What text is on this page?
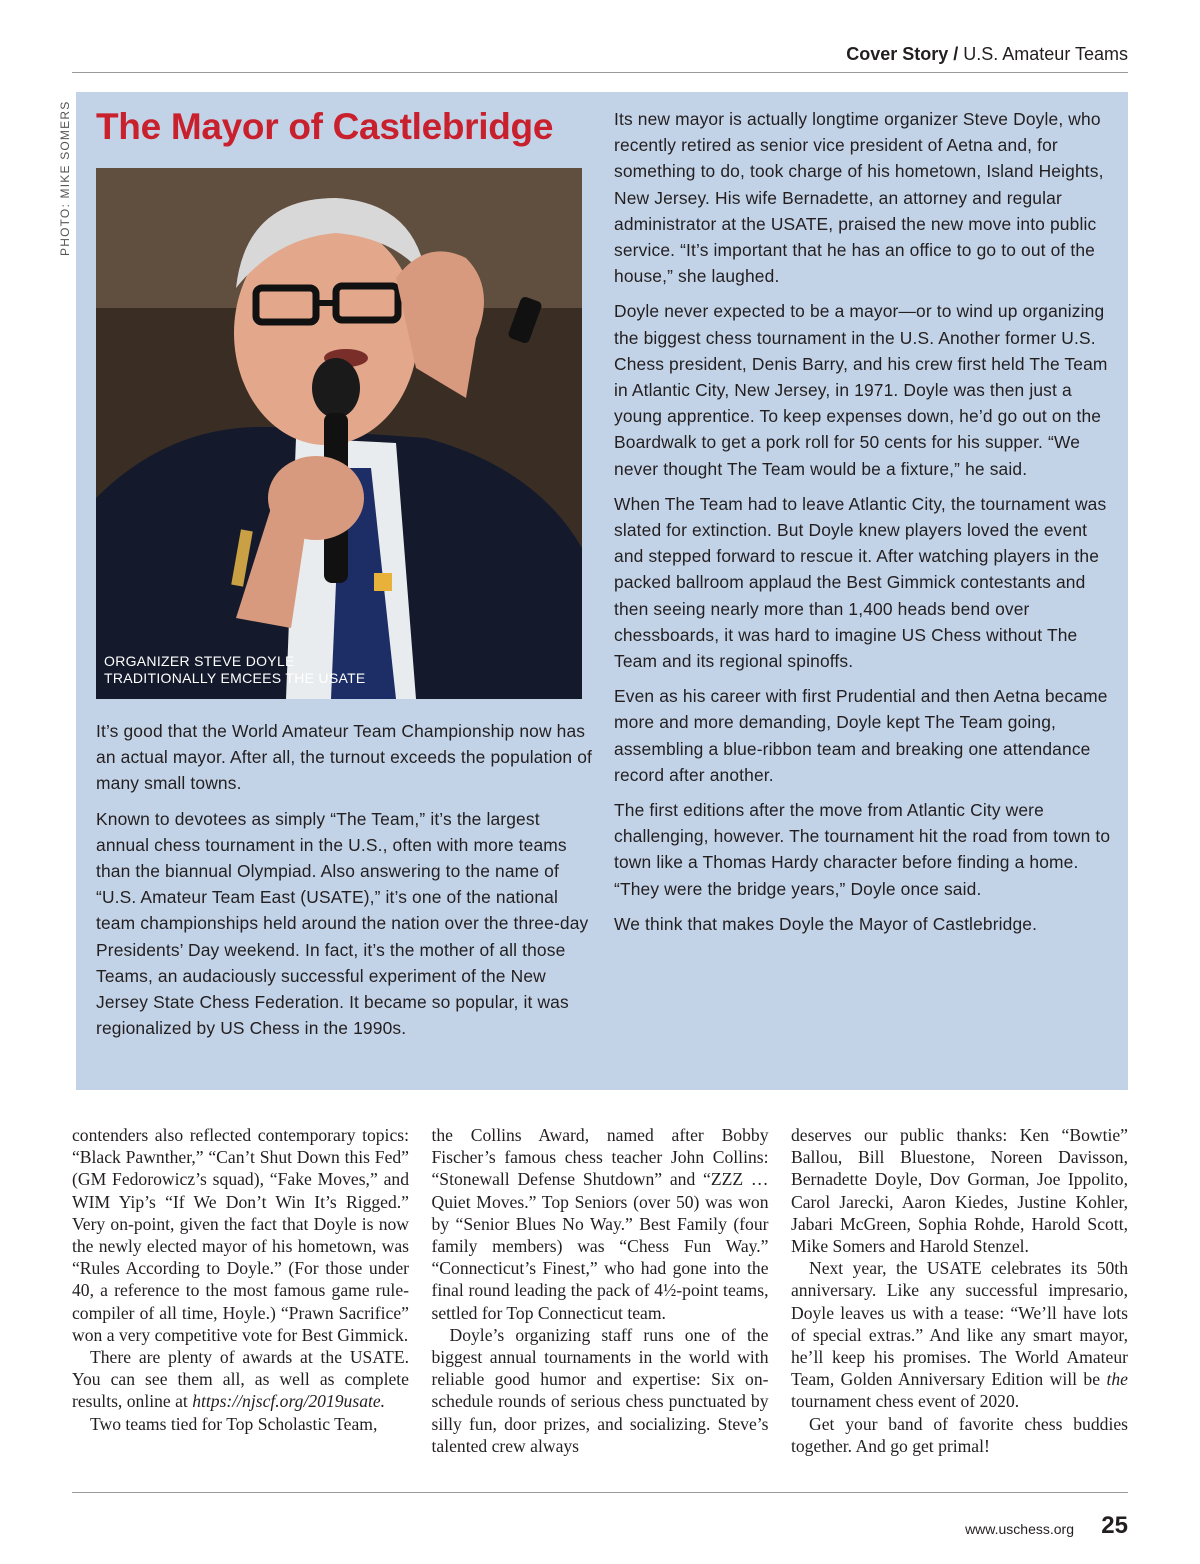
Cover Story / U.S. Amateur Teams
PHOTO: MIKE SOMERS The Mayor of Castlebridge

ORGANIZER STEVE DOYLE
TRADITIONALLY EMCEES THE USATE

It’s good that the World Amateur Team Championship now has an actual mayor. After all, the turnout exceeds the population of many small towns.

Known to devotees as simply “The Team,” it’s the largest annual chess tournament in the U.S., often with more teams than the biannual Olympiad. Also answering to the name of “U.S. Amateur Team East (USATE),” it’s one of the national team championships held around the nation over the three-day Presidents’ Day weekend. In fact, it’s the mother of all those Teams, an audaciously successful experiment of the New Jersey State Chess Federation. It became so popular, it was regionalized by US Chess in the 1990s.

Its new mayor is actually longtime organizer Steve Doyle, who recently retired as senior vice president of Aetna and, for something to do, took charge of his hometown, Island Heights, New Jersey. His wife Bernadette, an attorney and regular administrator at the USATE, praised the new move into public service. “It’s important that he has an office to go to out of the house,” she laughed.

Doyle never expected to be a mayor—or to wind up organizing the biggest chess tournament in the U.S. Another former U.S. Chess president, Denis Barry, and his crew first held The Team in Atlantic City, New Jersey, in 1971. Doyle was then just a young apprentice. To keep expenses down, he’d go out on the Boardwalk to get a pork roll for 50 cents for his supper. “We never thought The Team would be a fixture,” he said.

When The Team had to leave Atlantic City, the tournament was slated for extinction. But Doyle knew players loved the event and stepped forward to rescue it. After watching players in the packed ballroom applaud the Best Gimmick contestants and then seeing nearly more than 1,400 heads bend over chessboards, it was hard to imagine US Chess without The Team and its regional spinoffs.

Even as his career with first Prudential and then Aetna became more and more demanding, Doyle kept The Team going, assembling a blue-ribbon team and breaking one attendance record after another.

The first editions after the move from Atlantic City were challenging, however. The tournament hit the road from town to town like a Thomas Hardy character before finding a home. “They were the bridge years,” Doyle once said.

We think that makes Doyle the Mayor of Castlebridge.

contenders also reflected contemporary topics: “Black Pawnther,” “Can’t Shut Down this Fed” (GM Fedorowicz’s squad), “Fake Moves,” and WIM Yip’s “If We Don’t Win It’s Rigged.” Very on-point, given the fact that Doyle is now the newly elected mayor of his hometown, was “Rules According to Doyle.” (For those under 40, a reference to the most famous game rule-compiler of all time, Hoyle.) “Prawn Sacrifice” won a very competitive vote for Best Gimmick.

There are plenty of awards at the USATE. You can see them all, as well as complete results, online at https://njscf.org/2019usate.

Two teams tied for Top Scholastic Team,

the Collins Award, named after Bobby Fischer’s famous chess teacher John Collins: “Stonewall Defense Shutdown” and “ZZZ … Quiet Moves.” Top Seniors (over 50) was won by “Senior Blues No Way.” Best Family (four family members) was “Chess Fun Way.” “Connecticut’s Finest,” who had gone into the final round leading the pack of 4½-point teams, settled for Top Connecticut team.

Doyle’s organizing staff runs one of the biggest annual tournaments in the world with reliable good humor and expertise: Six on-schedule rounds of serious chess punctuated by silly fun, door prizes, and socializing. Steve’s talented crew always

deserves our public thanks: Ken “Bowtie” Ballou, Bill Bluestone, Noreen Davisson, Bernadette Doyle, Dov Gorman, Joe Ippolito, Carol Jarecki, Aaron Kiedes, Justine Kohler, Jabari McGreen, Sophia Rohde, Harold Scott, Mike Somers and Harold Stenzel.

Next year, the USATE celebrates its 50th anniversary. Like any successful impresario, Doyle leaves us with a tease: “We’ll have lots of special extras.” And like any smart mayor, he’ll keep his promises. The World Amateur Team, Golden Anniversary Edition will be the tournament chess event of 2020.

Get your band of favorite chess buddies together. And go get primal!

www.uschess.org 25
